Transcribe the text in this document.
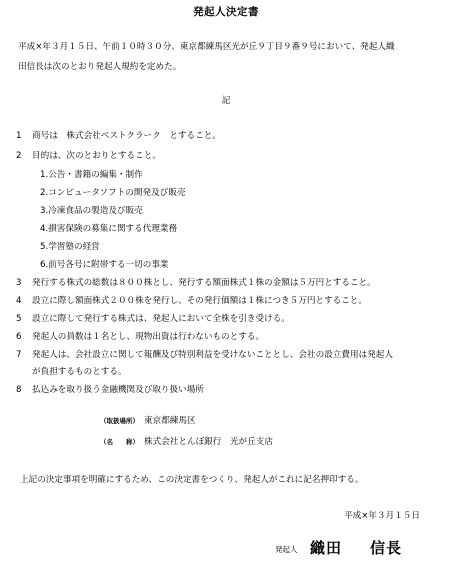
発起人決定書
平成×年３月１５日、午前１０時３０分、東京都練馬区光が丘９丁目９番９号において、発起人織
田信長は次のとおり発起人規約を定めた。
記
1 商号は　株式会社ベストクラーク　とすること。
2 目的は、次のとおりとすること。
1.公告・書籍の編集・制作
2.コンピュータソフトの開発及び販売
3.冷凍食品の製造及び販売
4.損害保険の募集に関する代理業務
5.学習塾の経営
6.前号各号に附帯する一切の事業
3 発行する株式の総数は８００株とし、発行する額面株式１株の金額は５万円とすること。
4 設立に際し額面株式２００株を発行し、その発行価額は１株につき５万円とすること。
5 設立に際して発行する株式は、発起人において全株を引き受ける。
6 発起人の員数は１名とし、現物出資は行わないものとする。
7 発起人は、会社設立に関して報酬及び特別利益を受けないこととし、会社の設立費用は発起人
が負担するものとする。
8 払込みを取り扱う金融機関及び取り扱い場所
（取扱場所） 東京都練馬区
（名　　称） 株式会社とんぼ銀行　光が丘支店
上記の決定事項を明確にするため、この決定書をつくり、発起人がこれに記名押印する。
平成×年３月１５日
発起人 織田 信長
